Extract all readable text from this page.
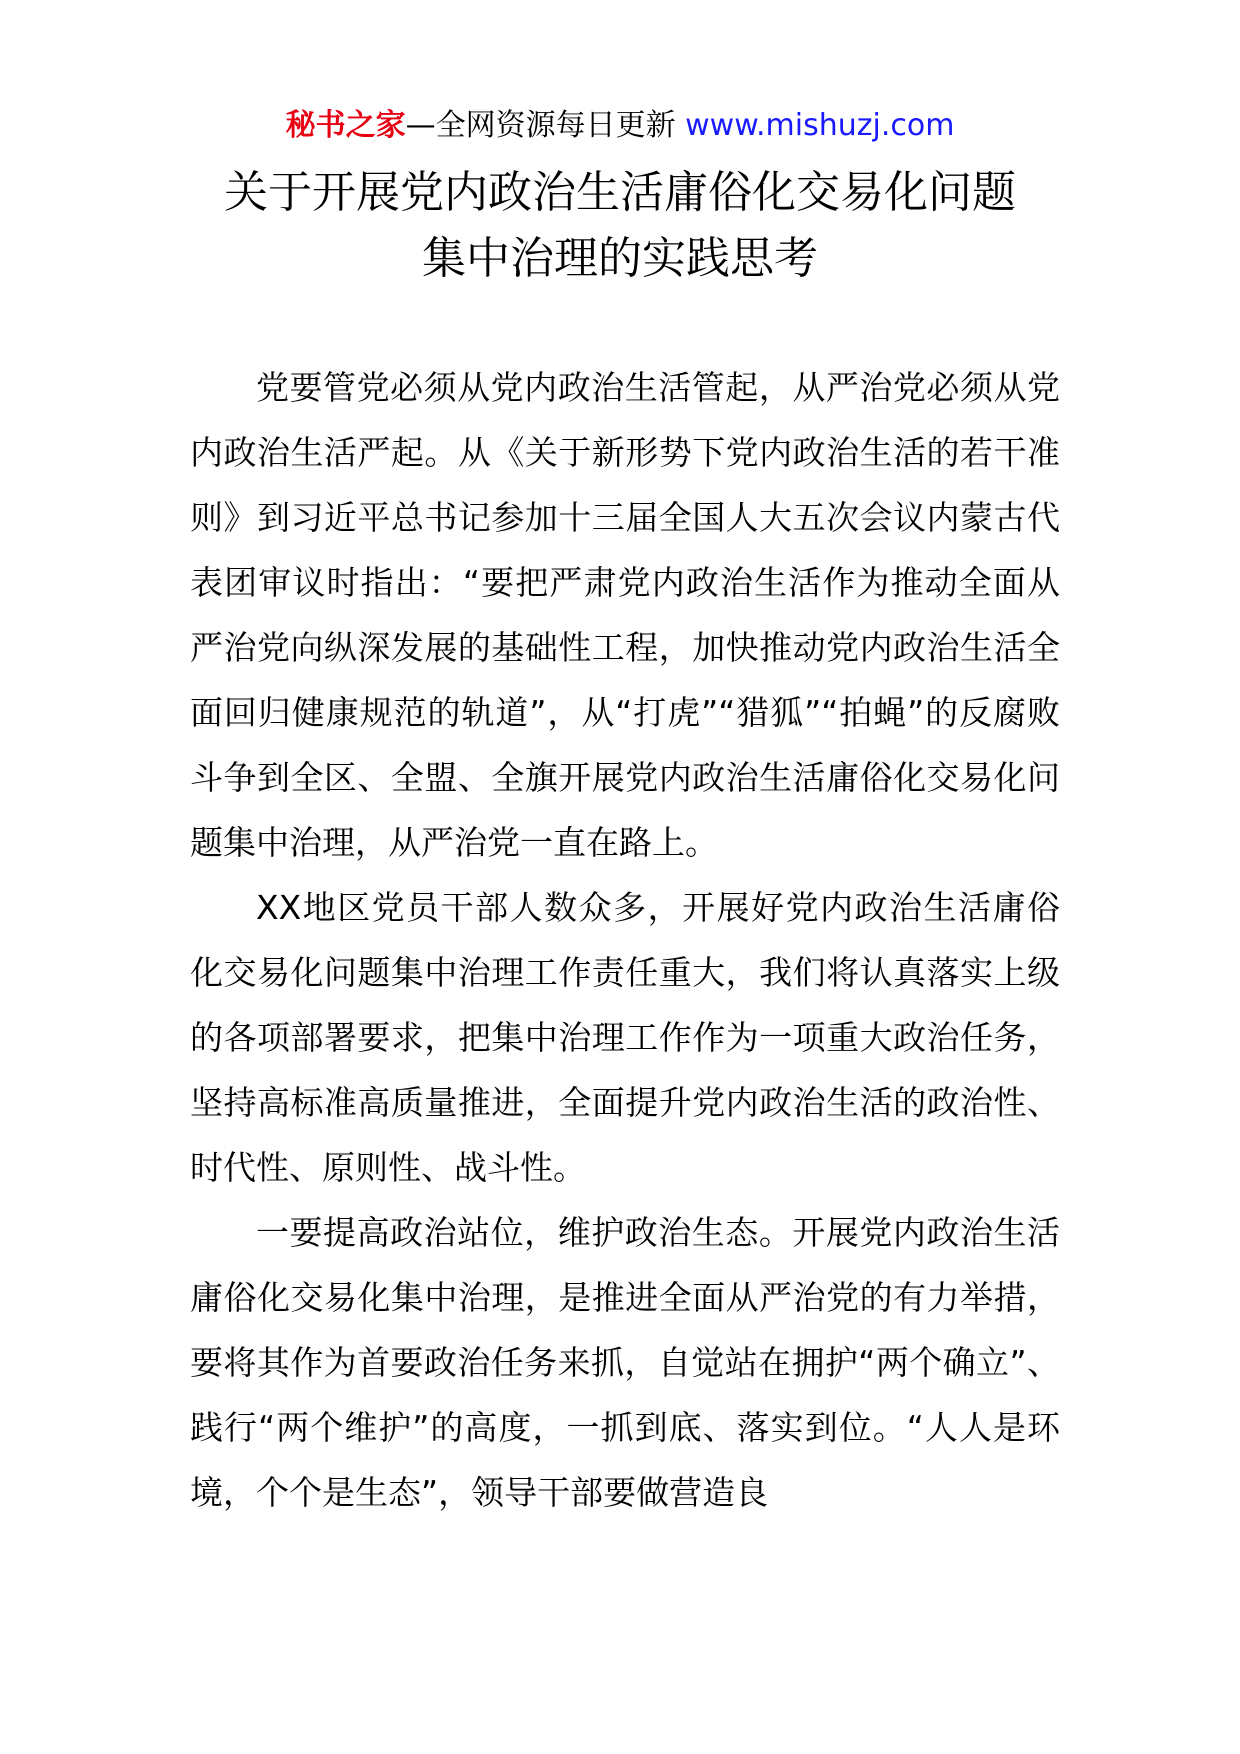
秘书之家—全网资源每日更新 www.mishuzj.com
关于开展党内政治生活庸俗化交易化问题
集中治理的实践思考

党要管党必须从党内政治生活管起，从严治党必须从党内政治生活严起。从《关于新形势下党内政治生活的若干准则》到习近平总书记参加十三届全国人大五次会议内蒙古代表团审议时指出：“要把严肃党内政治生活作为推动全面从严治党向纵深发展的基础性工程，加快推动党内政治生活全面回归健康规范的轨道”，从“打虎”“猎狐”“拍蝇”的反腐败斗争到全区、全盟、全旗开展党内政治生活庸俗化交易化问题集中治理，从严治党一直在路上。

XX地区党员干部人数众多，开展好党内政治生活庸俗化交易化问题集中治理工作责任重大，我们将认真落实上级的各项部署要求，把集中治理工作作为一项重大政治任务，坚持高标准高质量推进，全面提升党内政治生活的政治性、时代性、原则性、战斗性。

一要提高政治站位，维护政治生态。开展党内政治生活庸俗化交易化集中治理，是推进全面从严治党的有力举措，要将其作为首要政治任务来抓，自觉站在拥护“两个确立”、践行“两个维护”的高度，一抓到底、落实到位。“人人是环境，个个是生态”，领导干部要做营造良
